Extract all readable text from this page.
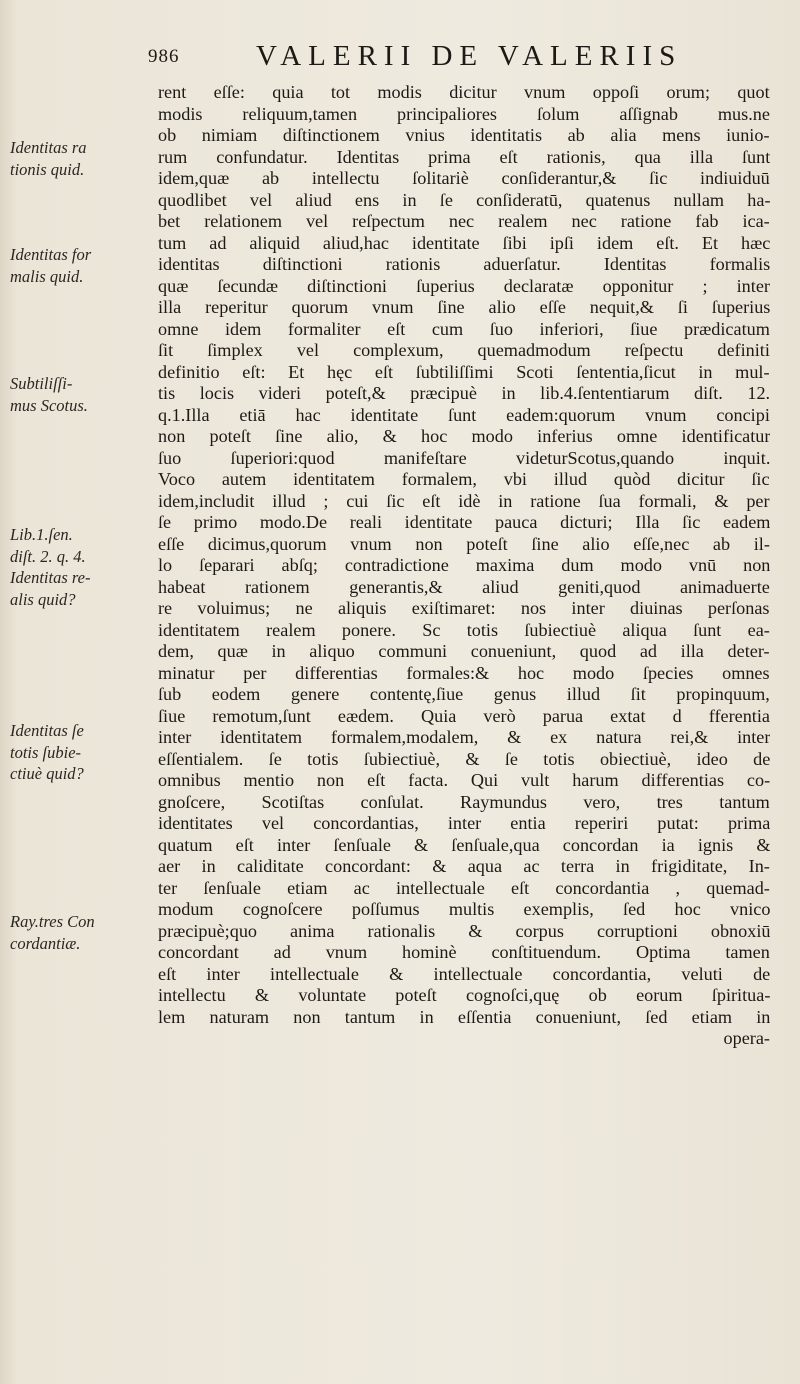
986	VALERII DE VALERIIS
rent eſſe: quia tot modis dicitur vnum oppoſi orum; quot
modis reliquum,tamen principaliores ſolum aſſignab mus.ne
ob nimiam diſtinctionem vnius identitatis ab alia mens iunio-
rum confundatur. Identitas prima eſt rationis, qua illa ſunt
idem,quæ ab intellectu ſolitariè conſiderantur,& ſic indiuiduū
quodlibet vel aliud ens in ſe conſideratū, quatenus nullam ha-
bet relationem vel reſpectum nec realem nec ratione fab ica-
tum ad aliquid aliud,hac identitate ſibi ipſi idem eſt. Et hæc
identitas diſtinctioni rationis aduerſatur. Identitas formalis
quæ ſecundæ diſtinctioni ſuperius declaratæ opponitur ; inter
illa reperitur quorum vnum ſine alio eſſe nequit,& ſi ſuperius
omne idem formaliter eſt cum ſuo inferiori, ſiue prædicatum
ſit ſimplex vel complexum, quemadmodum reſpectu definiti
definitio eſt: Et hęc eſt ſubtiliſſimi Scoti ſententia,ſicut in mul-
tis locis videri poteſt,& præcipuè in lib.4.ſententiarum diſt. 12.
q.1.Illa etiā hac identitate ſunt eadem:quorum vnum concipi
non poteſt ſine alio, & hoc modo inferius omne identificatur
ſuo ſuperiori:quod manifeſtare videturScotus,quando inquit.
Voco autem identitatem formalem, vbi illud quòd dicitur ſic
idem,includit illud ; cui ſic eſt idè in ratione ſua formali, & per
ſe primo modo.De reali identitate pauca dicturi; Illa ſic eadem
eſſe dicimus,quorum vnum non poteſt ſine alio eſſe,nec ab il-
lo ſeparari abſq; contradictione maxima dum modo vnū non
habeat rationem generantis,& aliud geniti,quod animaduerte
re voluimus; ne aliquis exiſtimaret: nos inter diuinas perſonas
identitatem realem ponere. Sc totis ſubiectiuè aliqua ſunt ea-
dem, quæ in aliquo communi conueniunt, quod ad illa deter-
minatur per differentias formales:& hoc modo ſpecies omnes
ſub eodem genere contentę,ſiue genus illud ſit propinquum,
ſiue remotum,ſunt eædem. Quia verò parua extat d fferentia
inter identitatem formalem,modalem, & ex natura rei,& inter
eſſentialem. ſe totis ſubiectiuè, & ſe totis obiectiuè, ideo de
omnibus mentio non eſt facta. Qui vult harum differentias co-
gnoſcere, Scotiſtas conſulat. Raymundus vero, tres tantum
identitates vel concordantias, inter entia reperiri putat: prima
quatum eſt inter ſenſuale & ſenſuale,qua concordan ia ignis &
aer in caliditate concordant: & aqua ac terra in frigiditate, In-
ter ſenſuale etiam ac intellectuale eſt concordantia , quemad-
modum cognoſcere poſſumus multis exemplis, ſed hoc vnico
præcipuè;quo anima rationalis & corpus corruptioni obnoxiū
concordant ad vnum hominè conſtituendum. Optima tamen
eſt inter intellectuale & intellectuale concordantia, veluti de
intellectu & voluntate poteſt cognoſci,quę ob eorum ſpiritua-
lem naturam non tantum in eſſentia conueniunt, ſed etiam in
opera-
Identitas ra
tionis quid.
Identitas for
malis quid.
Subtiliſſi-
mus Scotus.
Lib.1.ſen.
diſt. 2. q. 4.
Identitas re-
alis quid?
Identitas ſe
totis ſubie-
ctiuè quid?
Ray.tres Con
cordantiæ.
